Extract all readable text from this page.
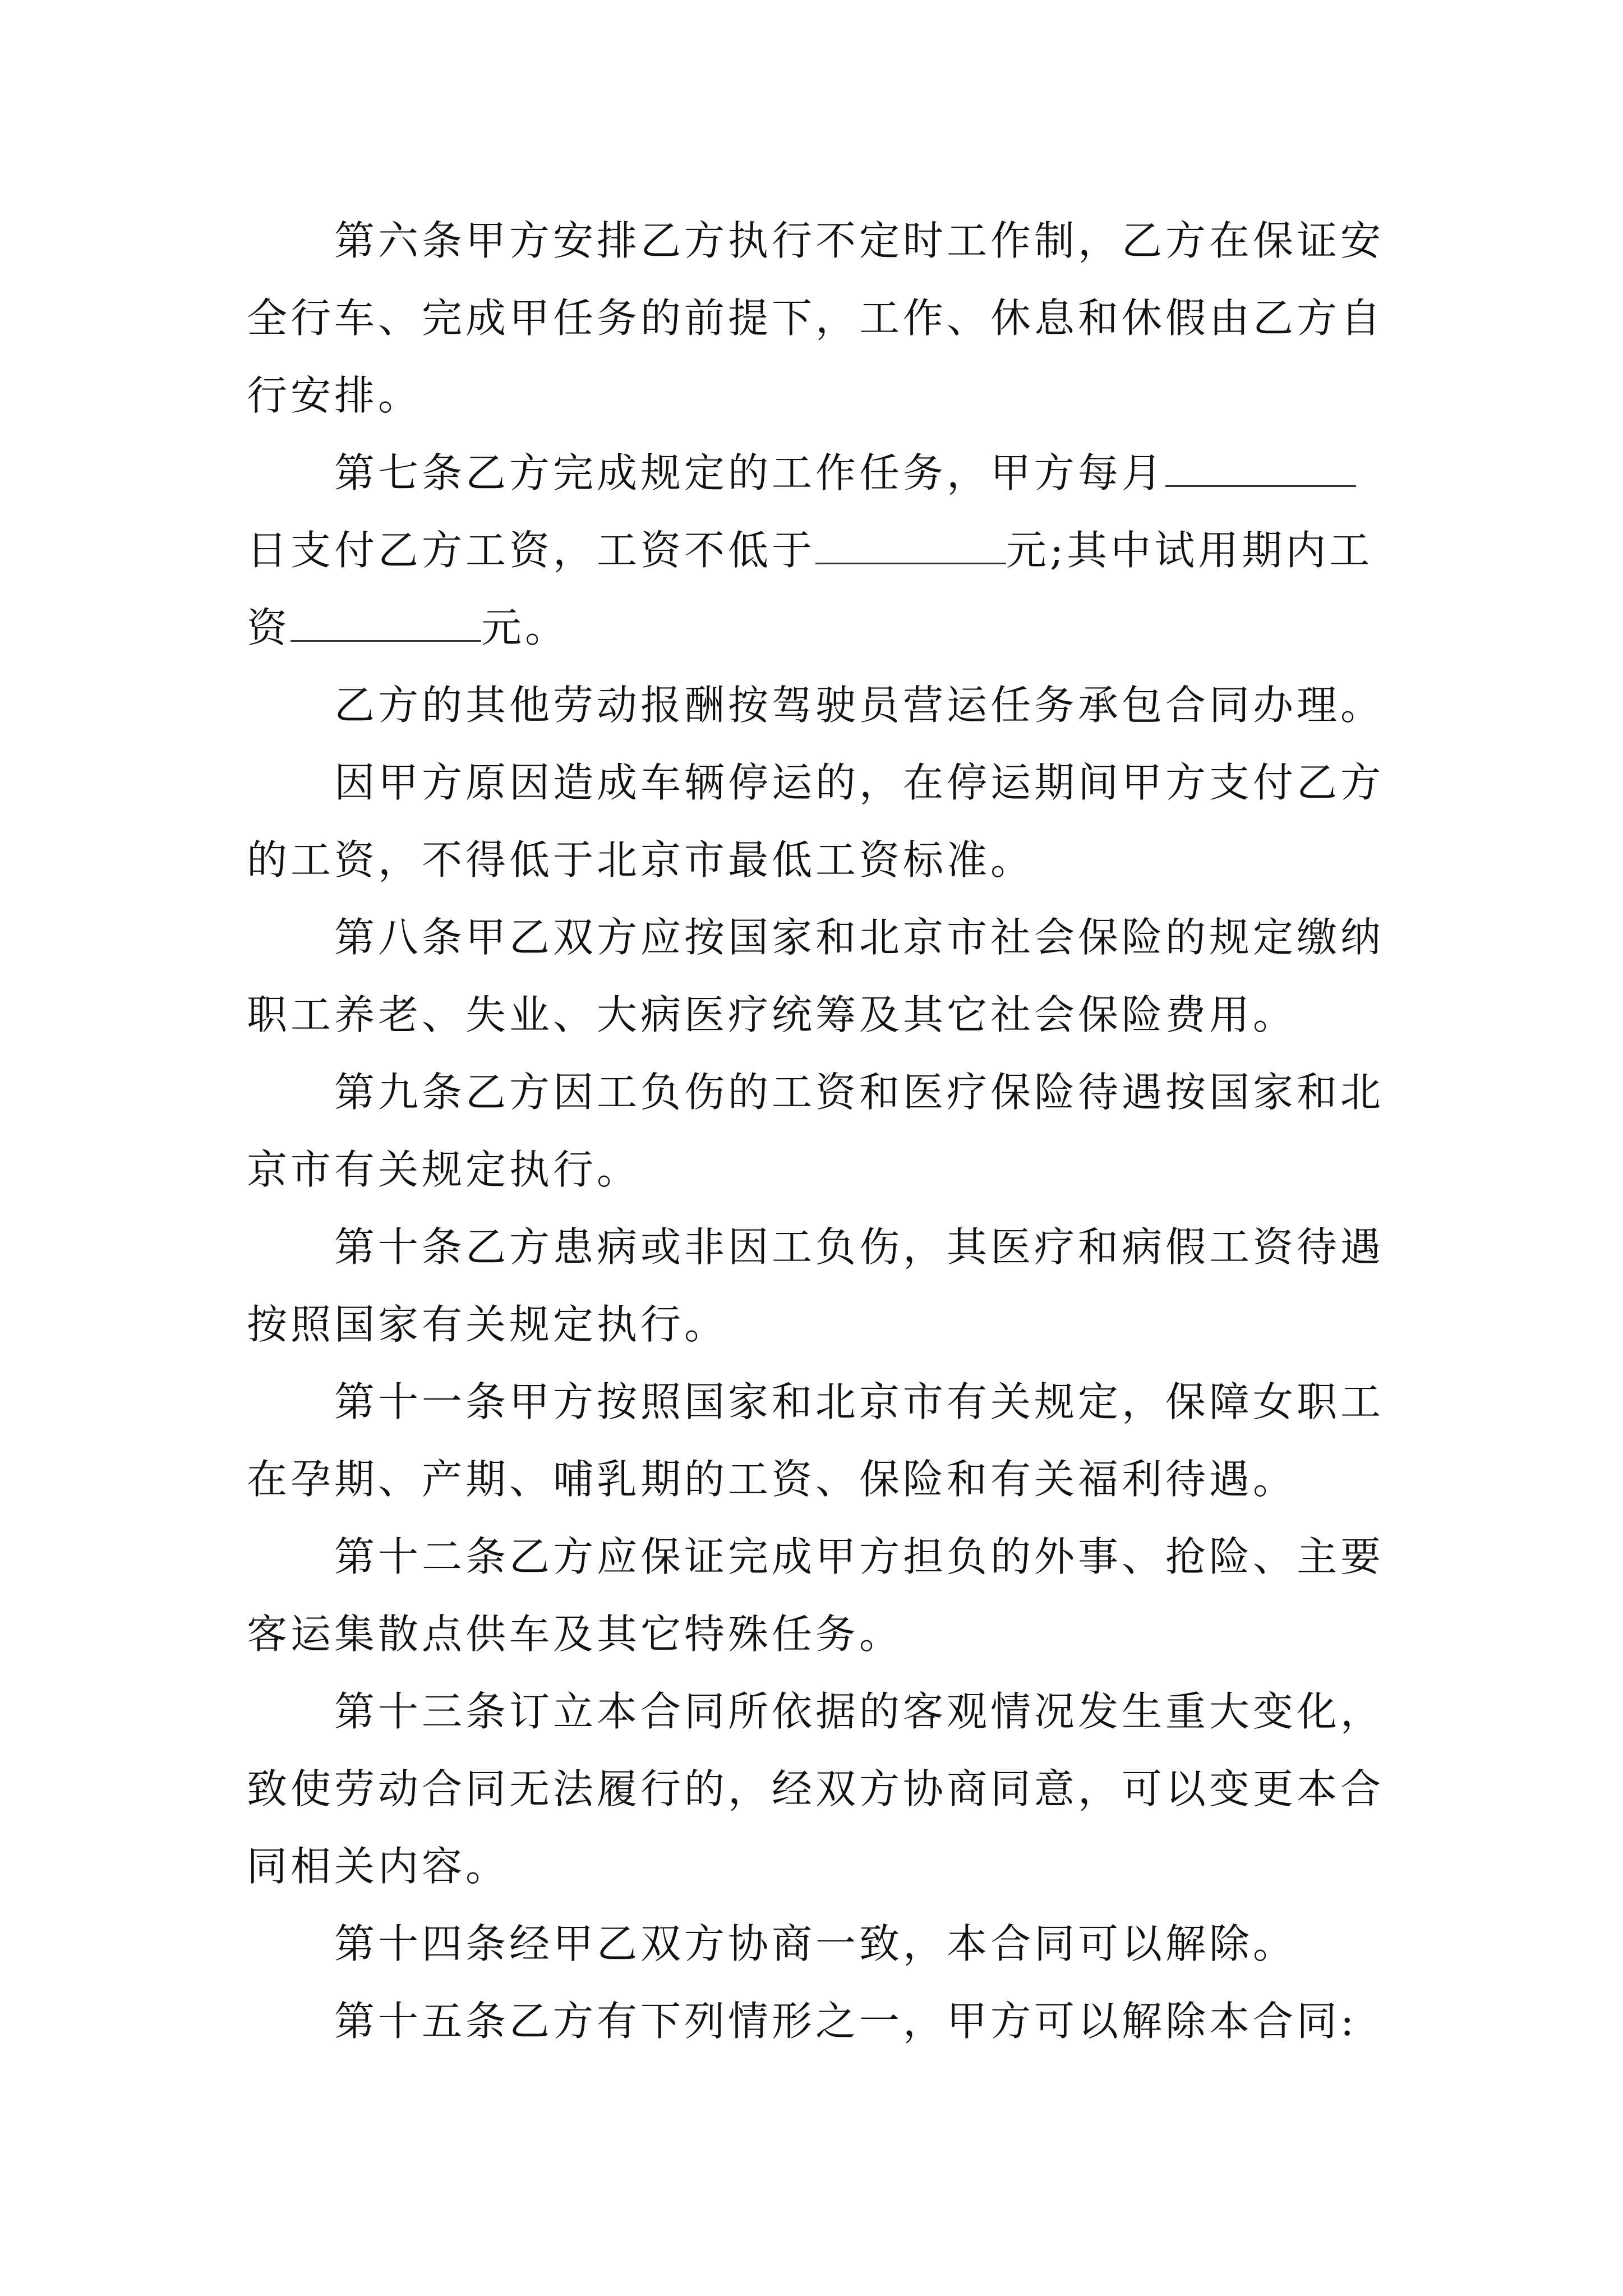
第六条甲方安排乙方执行不定时工作制，乙方在保证安全行车、完成甲任务的前提下，工作、休息和休假由乙方自行安排。

第七条乙方完成规定的工作任务，甲方每月日支付乙方工资，工资不低于	元;其中试用期内工资	元。

乙方的其他劳动报酬按驾驶员营运任务承包合同办理。

因甲方原因造成车辆停运的，在停运期间甲方支付乙方的工资，不得低于北京市最低工资标准。

第八条甲乙双方应按国家和北京市社会保险的规定缴纳职工养老、失业、大病医疗统筹及其它社会保险费用。

第九条乙方因工负伤的工资和医疗保险待遇按国家和北京市有关规定执行。

第十条乙方患病或非因工负伤，其医疗和病假工资待遇按照国家有关规定执行。

第十一条甲方按照国家和北京市有关规定，保障女职工在孕期、产期、哺乳期的工资、保险和有关福利待遇。

第十二条乙方应保证完成甲方担负的外事、抢险、主要客运集散点供车及其它特殊任务。

第十三条订立本合同所依据的客观情况发生重大变化，致使劳动合同无法履行的，经双方协商同意，可以变更本合同相关内容。

第十四条经甲乙双方协商一致，本合同可以解除。

第十五条乙方有下列情形之一，甲方可以解除本合同:
